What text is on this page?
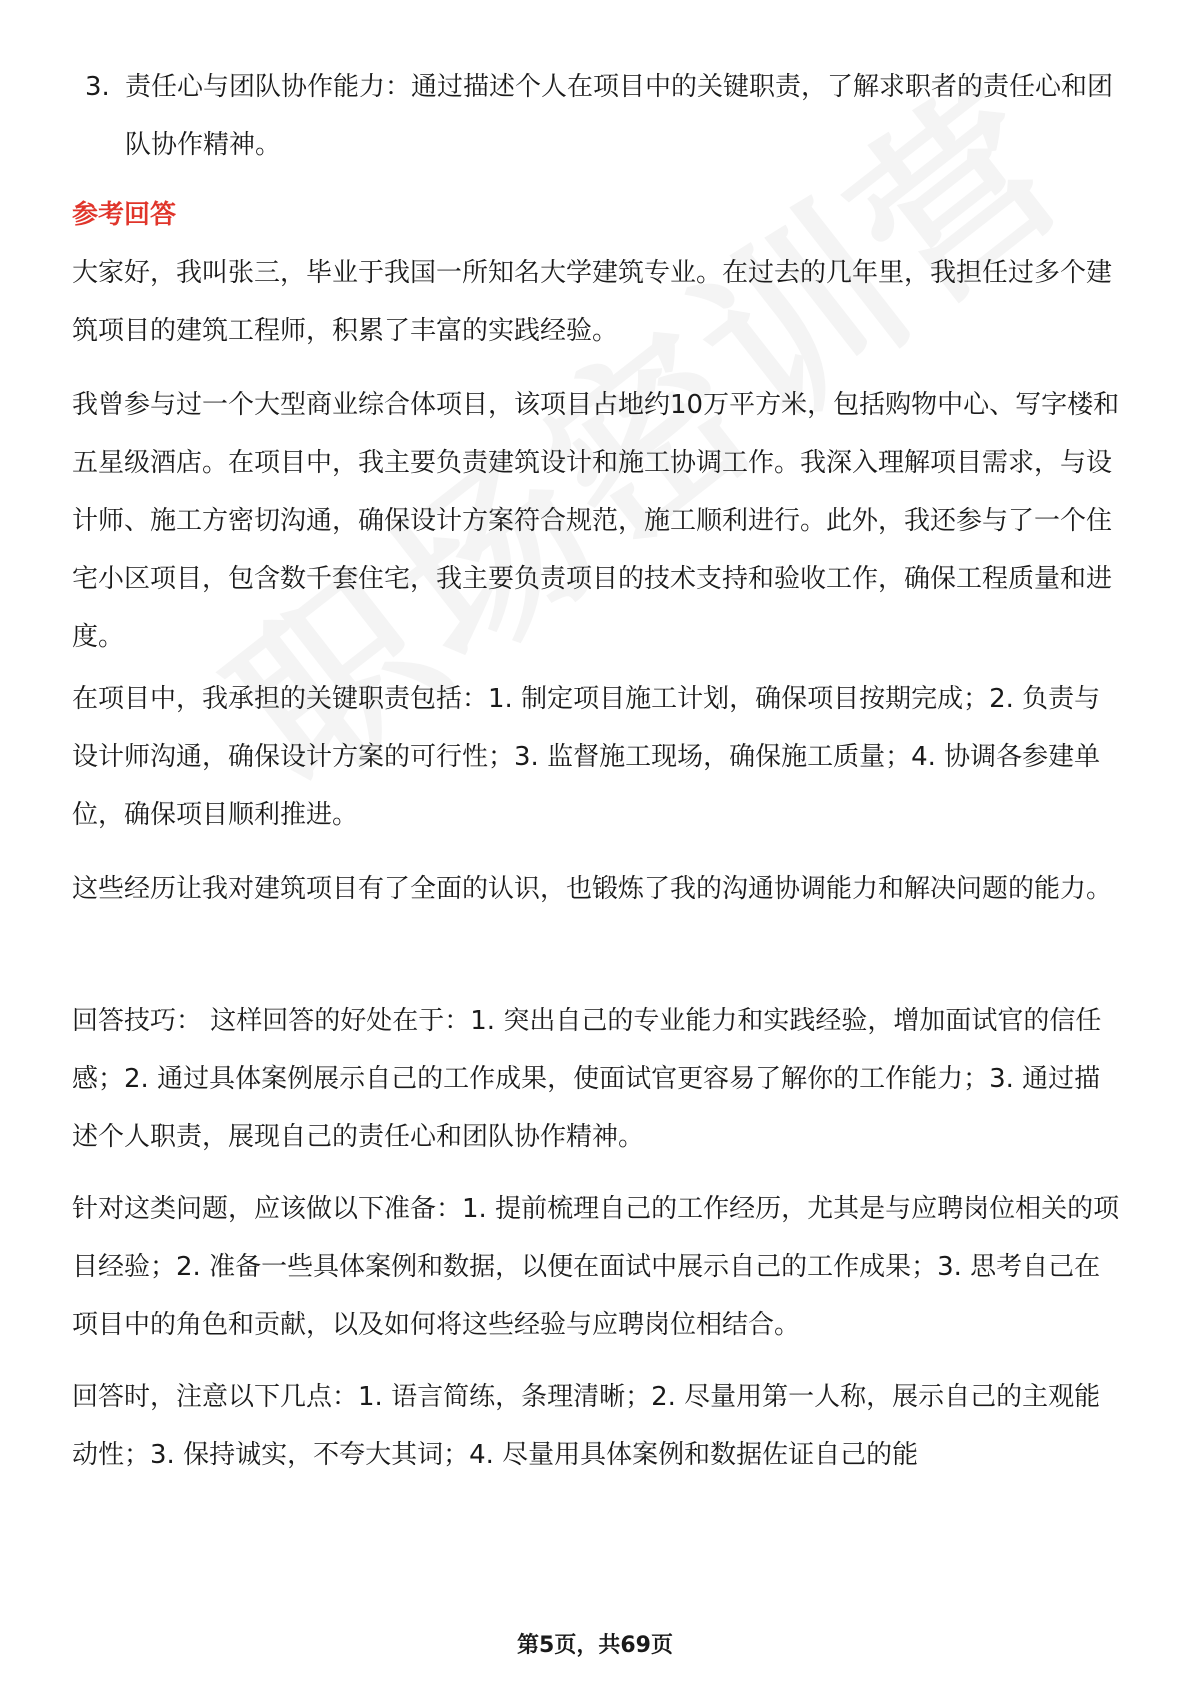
3. 责任心与团队协作能力：通过描述个人在项目中的关键职责，了解求职者的责任心和团队协作精神。
参考回答

大家好，我叫张三，毕业于我国一所知名大学建筑专业。在过去的几年里，我担任过多个建筑项目的建筑工程师，积累了丰富的实践经验。

我曾参与过一个大型商业综合体项目，该项目占地约10万平方米，包括购物中心、写字楼和五星级酒店。在项目中，我主要负责建筑设计和施工协调工作。我深入理解项目需求，与设计师、施工方密切沟通，确保设计方案符合规范，施工顺利进行。此外，我还参与了一个住宅小区项目，包含数千套住宅，我主要负责项目的技术支持和验收工作，确保工程质量和进度。

在项目中，我承担的关键职责包括：1. 制定项目施工计划，确保项目按期完成；2. 负责与设计师沟通，确保设计方案的可行性；3. 监督施工现场，确保施工质量；4. 协调各参建单位，确保项目顺利推进。

这些经历让我对建筑项目有了全面的认识，也锻炼了我的沟通协调能力和解决问题的能力。

回答技巧： 这样回答的好处在于：1. 突出自己的专业能力和实践经验，增加面试官的信任感；2. 通过具体案例展示自己的工作成果，使面试官更容易了解你的工作能力；3. 通过描述个人职责，展现自己的责任心和团队协作精神。

针对这类问题，应该做以下准备：1. 提前梳理自己的工作经历，尤其是与应聘岗位相关的项目经验；2. 准备一些具体案例和数据，以便在面试中展示自己的工作成果；3. 思考自己在项目中的角色和贡献，以及如何将这些经验与应聘岗位相结合。

回答时，注意以下几点：1. 语言简练，条理清晰；2. 尽量用第一人称，展示自己的主观能动性；3. 保持诚实，不夸大其词；4. 尽量用具体案例和数据佐证自己的能

第5页，共69页
